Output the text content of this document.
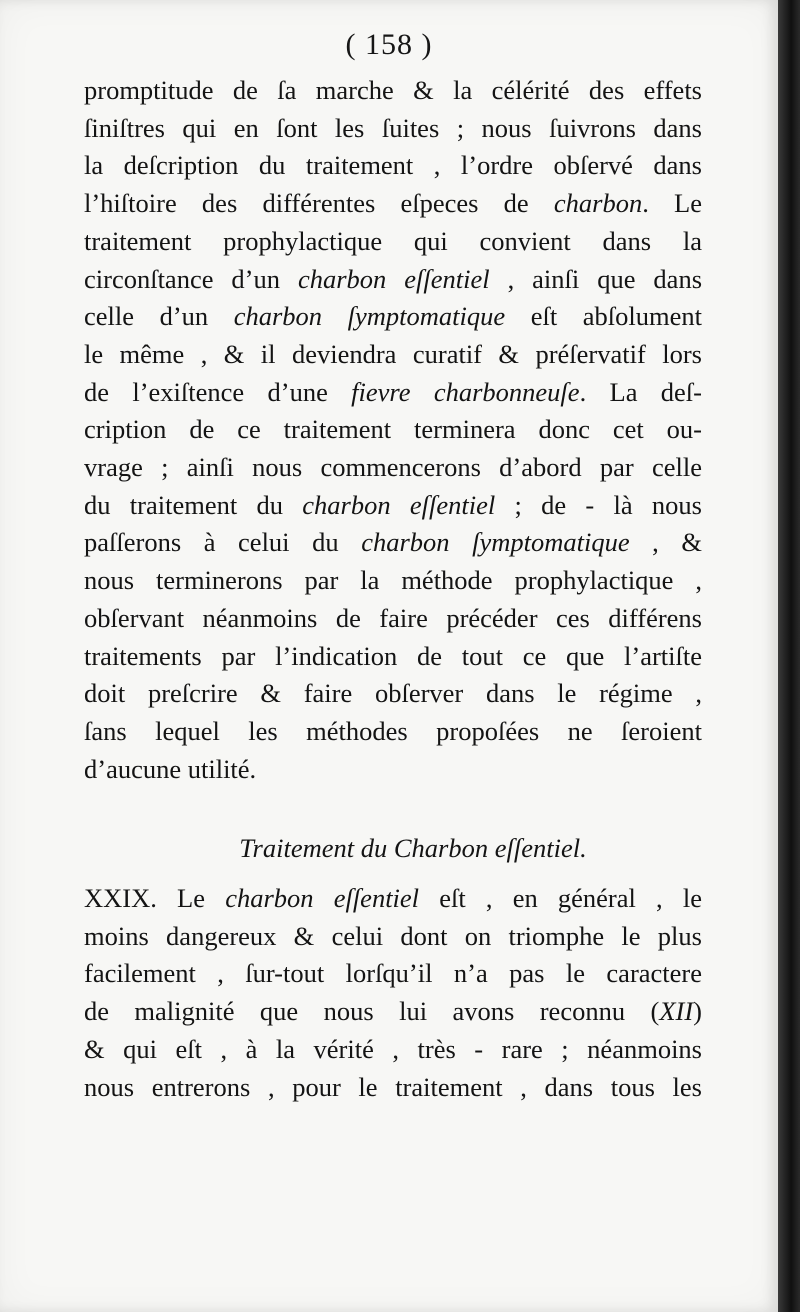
( 158 )
promptitude de ſa marche & la célérité des effets
ſiniſtres qui en ſont les ſuites ; nous ſuivrons dans
la deſcription du traitement , l’ordre obſervé dans
l’hiſtoire des différentes eſpeces de charbon. Le
traitement prophylactique qui convient dans la
circonſtance d’un charbon eſſentiel , ainſi que dans
celle d’un charbon ſymptomatique eſt abſolument
le même , & il deviendra curatif & préſervatif lors
de l’exiſtence d’une fievre charbonneuſe. La deſ-
cription de ce traitement terminera donc cet ou-
vrage ; ainſi nous commencerons d’abord par celle
du traitement du charbon eſſentiel ; de - là nous
paſſerons à celui du charbon ſymptomatique , &
nous terminerons par la méthode prophylactique ,
obſervant néanmoins de faire précéder ces différens
traitements par l’indication de tout ce que l’artiſte
doit preſcrire & faire obſerver dans le régime ,
ſans lequel les méthodes propoſées ne ſeroient
d’aucune utilité.
Traitement du Charbon eſſentiel.
XXIX. Le charbon eſſentiel eſt , en général , le
moins dangereux & celui dont on triomphe le plus
facilement , ſur-tout lorſqu’il n’a pas le caractere
de malignité que nous lui avons reconnu (XII)
& qui eſt , à la vérité , très - rare ; néanmoins
nous entrerons , pour le traitement , dans tous les
